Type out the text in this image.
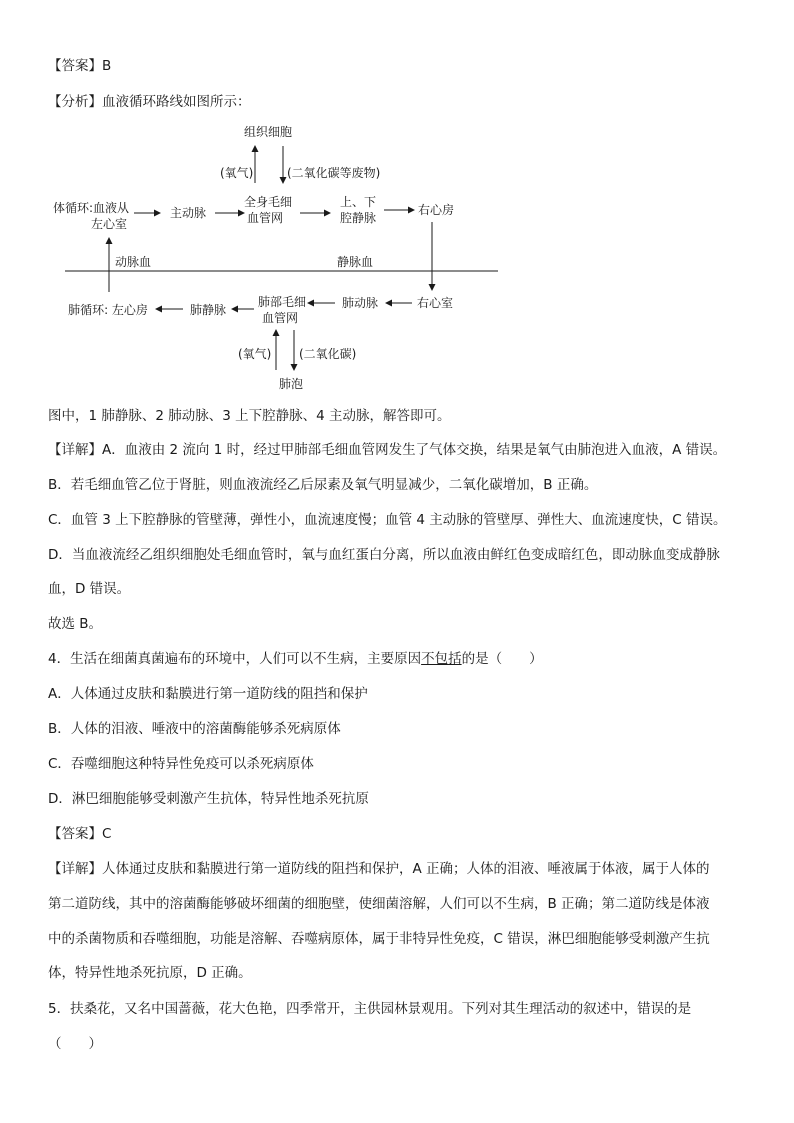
【答案】B
【分析】血液循环路线如图所示：
组织细胞
(氧气)	(二氧化碳等废物)
体循环:血液从
左心室
主动脉
全身毛细
血管网
上、下
腔静脉
右心房
动脉血	静脉血
肺循环: 左心房	肺静脉
肺部毛细
血管网
肺动脉	右心室
(氧气) (二氧化碳)
肺泡
图中，1 肺静脉、2 肺动脉、3 上下腔静脉、4 主动脉，解答即可。
【详解】A．血液由 2 流向 1 时，经过甲肺部毛细血管网发生了气体交换，结果是氧气由肺泡进入血液，A 错误。
B．若毛细血管乙位于肾脏，则血液流经乙后尿素及氧气明显减少，二氧化碳增加，B 正确。
C．血管 3 上下腔静脉的管壁薄，弹性小，血流速度慢；血管 4 主动脉的管壁厚、弹性大、血流速度快，C 错误。
D．当血液流经乙组织细胞处毛细血管时，氧与血红蛋白分离，所以血液由鲜红色变成暗红色，即动脉血变成静脉
血，D 错误。
故选 B。
4．生活在细菌真菌遍布的环境中，人们可以不生病，主要原因不包括的是（　　）
A．人体通过皮肤和黏膜进行第一道防线的阻挡和保护
B．人体的泪液、唾液中的溶菌酶能够杀死病原体
C．吞噬细胞这种特异性免疫可以杀死病原体
D．淋巴细胞能够受刺激产生抗体，特异性地杀死抗原
【答案】C
【详解】人体通过皮肤和黏膜进行第一道防线的阻挡和保护，A 正确；人体的泪液、唾液属于体液，属于人体的
第二道防线，其中的溶菌酶能够破坏细菌的细胞壁，使细菌溶解，人们可以不生病，B 正确；第二道防线是体液
中的杀菌物质和吞噬细胞，功能是溶解、吞噬病原体，属于非特异性免疫，C 错误，淋巴细胞能够受刺激产生抗
体，特异性地杀死抗原，D 正确。
5．扶桑花，又名中国蔷薇，花大色艳，四季常开，主供园林景观用。下列对其生理活动的叙述中，错误的是
（　　）
